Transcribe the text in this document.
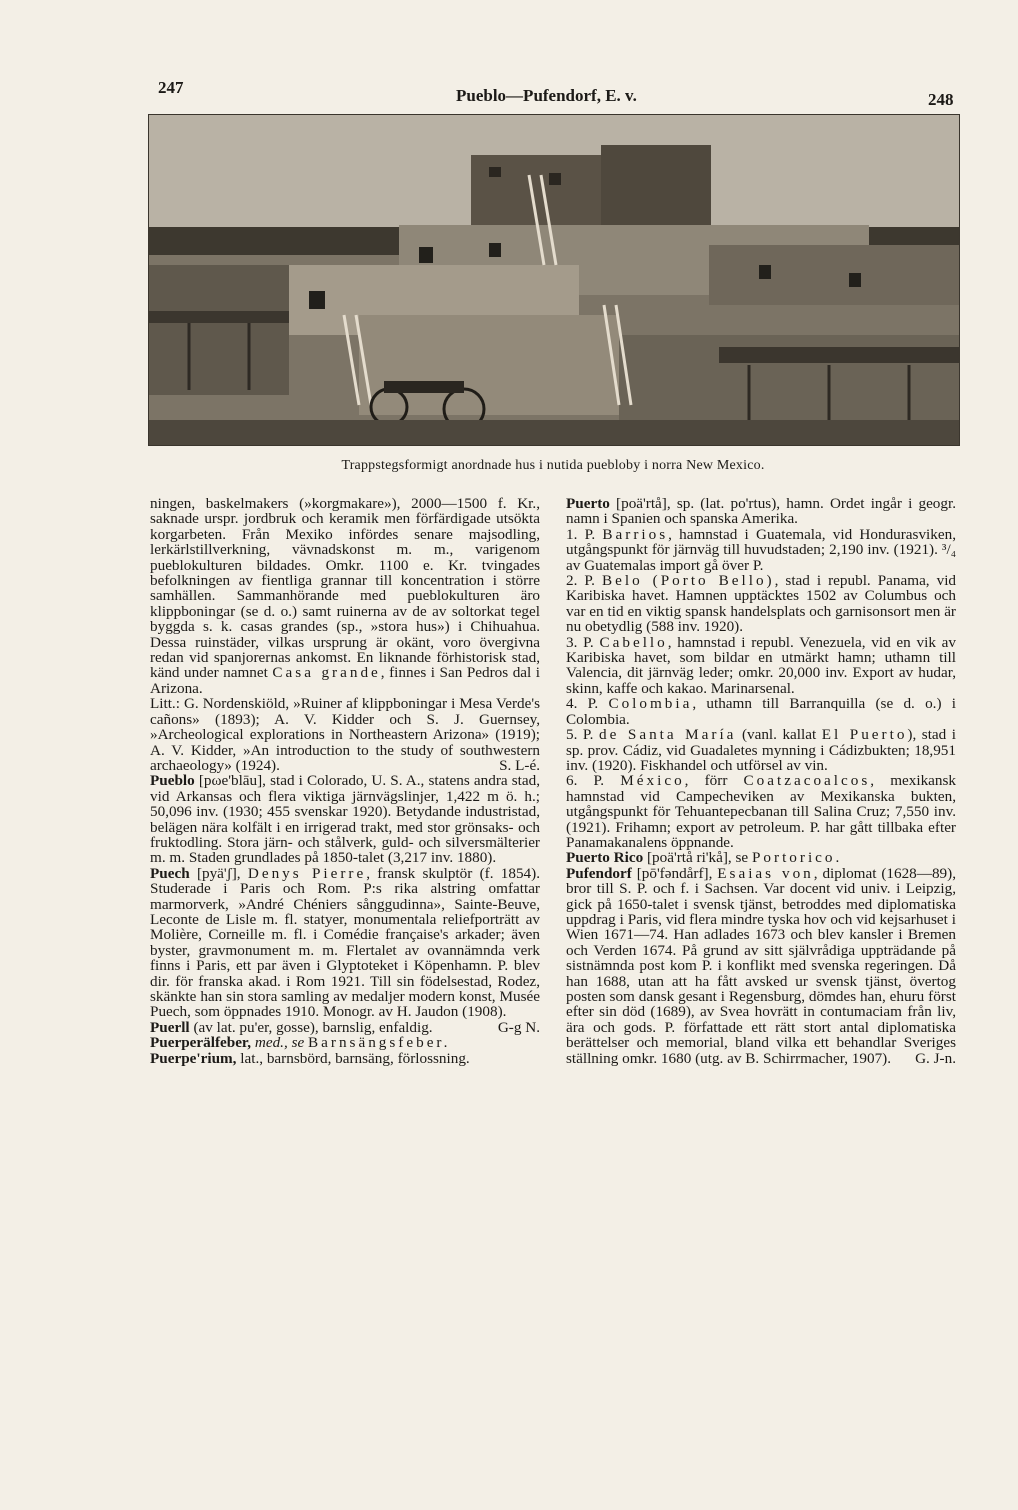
247	Pueblo—Pufendorf, E. v.	248
Trappstegsformigt anordnade hus i nutida puebloby i norra New Mexico.

ningen, baskelmakers (»korgmakare»), 2000—1500 f. Kr., saknade urspr. jordbruk och keramik men förfärdigade utsökta korgarbeten. Från Mexiko infördes senare majsodling, lerkärlstillverkning, vävnadskonst m. m., varigenom pueblokulturen bildades. Omkr. 1100 e. Kr. tvingades befolkningen av fientliga grannar till koncentration i större samhällen. Sammanhörande med pueblokulturen äro klippboningar (se d. o.) samt ruinerna av de av soltorkat tegel byggda s. k. casas grandes (sp., »stora hus») i Chihuahua. Dessa ruinstäder, vilkas ursprung är okänt, voro övergivna redan vid spanjorernas ankomst. En liknande förhistorisk stad, känd under namnet Casa grande, finnes i San Pedros dal i Arizona.

Litt.: G. Nordenskiöld, »Ruiner af klippboningar i Mesa Verde's cañons» (1893); A. V. Kidder och S. J. Guernsey, »Archeological explorations in Northeastern Arizona» (1919); A. V. Kidder, »An introduction to the study of southwestern archaeology» (1924).	S. L-é.

Pueblo [pωe'blāu], stad i Colorado, U. S. A., statens andra stad, vid Arkansas och flera viktiga järnvägslinjer, 1,422 m ö. h.; 50,096 inv. (1930; 455 svenskar 1920). Betydande industristad, belägen nära kolfält i en irrigerad trakt, med stor grönsaks- och fruktodling. Stora järn- och stålverk, guld- och silversmälterier m. m. Staden grundlades på 1850-talet (3,217 inv. 1880).

Puech [pyä'ʃ], Denys Pierre, fransk skulptör (f. 1854). Studerade i Paris och Rom. P:s rika alstring omfattar marmorverk, »André Chéniers sånggudinna», Sainte-Beuve, Leconte de Lisle m. fl. statyer, monumentala reliefporträtt av Molière, Corneille m. fl. i Comédie française's arkader; även byster, gravmonument m. m. Flertalet av ovannämnda verk finns i Paris, ett par även i Glyptoteket i Köpenhamn. P. blev dir. för franska akad. i Rom 1921. Till sin födelsestad, Rodez, skänkte han sin stora samling av medaljer modern konst, Musée Puech, som öppnades 1910. Monogr. av H. Jaudon (1908).
G-g N.

Puerll (av lat. pu'er, gosse), barnslig, enfaldig.

Puerperälfeber, med., se Barnsängsfeber.

Puerpe'rium, lat., barnsbörd, barnsäng, förlossning.

Puerto [poä'rtå], sp. (lat. po'rtus), hamn. Ordet ingår i geogr. namn i Spanien och spanska Amerika.

1. P. Barrios, hamnstad i Guatemala, vid Hondurasviken, utgångspunkt för järnväg till huvudstaden; 2,190 inv. (1921). ³/₄ av Guatemalas import gå över P.

2. P. Belo (Porto Bello), stad i republ. Panama, vid Karibiska havet. Hamnen upptäcktes 1502 av Columbus och var en tid en viktig spansk handelsplats och garnisonsort men är nu obetydlig (588 inv. 1920).

3. P. Cabello, hamnstad i republ. Venezuela, vid en vik av Karibiska havet, som bildar en utmärkt hamn; uthamn till Valencia, dit järnväg leder; omkr. 20,000 inv. Export av hudar, skinn, kaffe och kakao. Marinarsenal.

4. P. Colombia, uthamn till Barranquilla (se d. o.) i Colombia.

5. P. de Santa María (vanl. kallat El Puerto), stad i sp. prov. Cádiz, vid Guadaletes mynning i Cádizbukten; 18,951 inv. (1920). Fiskhandel och utförsel av vin.

6. P. México, förr Coatzacoalcos, mexikansk hamnstad vid Campecheviken av Mexikanska bukten, utgångspunkt för Tehuantepecbanan till Salina Cruz; 7,550 inv. (1921). Frihamn; export av petroleum. P. har gått tillbaka efter Panamakanalens öppnande.

Puerto Rico [poä'rtå ri'kå], se Portorico.

Pufendorf [pō'fəndårf], Esaias von, diplomat (1628—89), bror till S. P. och f. i Sachsen. Var docent vid univ. i Leipzig, gick på 1650-talet i svensk tjänst, betroddes med diplomatiska uppdrag i Paris, vid flera mindre tyska hov och vid kejsarhuset i Wien 1671—74. Han adlades 1673 och blev kansler i Bremen och Verden 1674. På grund av sitt självrådiga uppträdande på sistnämnda post kom P. i konflikt med svenska regeringen. Då han 1688, utan att ha fått avsked ur svensk tjänst, övertog posten som dansk gesant i Regensburg, dömdes han, ehuru först efter sin död (1689), av Svea hovrätt in contumaciam från liv, ära och gods. P. författade ett rätt stort antal diplomatiska berättelser och memorial, bland vilka ett behandlar Sveriges ställning omkr. 1680 (utg. av B. Schirrmacher, 1907). G. J-n.
